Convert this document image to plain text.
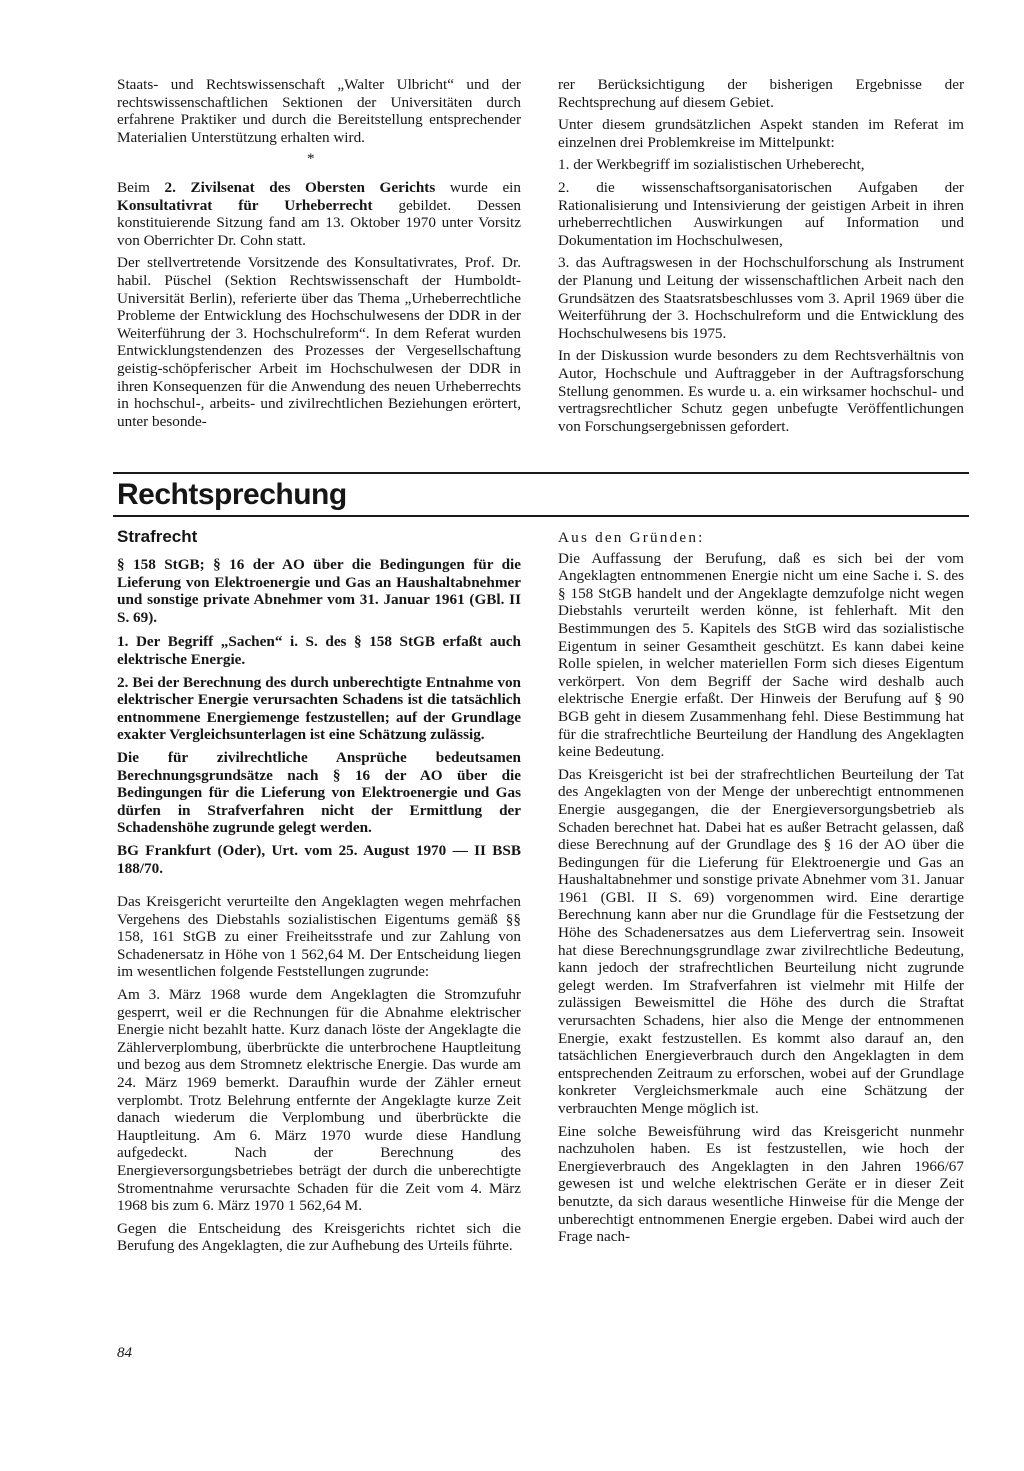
Staats- und Rechtswissenschaft „Walter Ulbricht“ und der rechtswissenschaftlichen Sektionen der Universitäten durch erfahrene Praktiker und durch die Bereitstellung entsprechender Materialien Unterstützung erhalten wird.

*

Beim 2. Zivilsenat des Obersten Gerichts wurde ein Konsultativrat für Urheberrecht gebildet. Dessen konstituierende Sitzung fand am 13. Oktober 1970 unter Vorsitz von Oberrichter Dr. Cohn statt.

Der stellvertretende Vorsitzende des Konsultativrates, Prof. Dr. habil. Püschel (Sektion Rechtswissenschaft der Humboldt-Universität Berlin), referierte über das Thema „Urheberrechtliche Probleme der Entwicklung des Hochschulwesens der DDR in der Weiterführung der 3. Hochschulreform“. In dem Referat wurden Entwicklungstendenzen des Prozesses der Vergesellschaftung geistig-schöpferischer Arbeit im Hochschulwesen der DDR in ihren Konsequenzen für die Anwendung des neuen Urheberrechts in hochschul-, arbeits- und zivilrechtlichen Beziehungen erörtert, unter besonde-

rer Berücksichtigung der bisherigen Ergebnisse der Rechtsprechung auf diesem Gebiet.

Unter diesem grundsätzlichen Aspekt standen im Referat im einzelnen drei Problemkreise im Mittelpunkt:

1. der Werkbegriff im sozialistischen Urheberecht,

2. die wissenschaftsorganisatorischen Aufgaben der Rationalisierung und Intensivierung der geistigen Arbeit in ihren urheberrechtlichen Auswirkungen auf Information und Dokumentation im Hochschulwesen,

3. das Auftragswesen in der Hochschulforschung als Instrument der Planung und Leitung der wissenschaftlichen Arbeit nach den Grundsätzen des Staatsratsbeschlusses vom 3. April 1969 über die Weiterführung der 3. Hochschulreform und die Entwicklung des Hochschulwesens bis 1975.

In der Diskussion wurde besonders zu dem Rechtsverhältnis von Autor, Hochschule und Auftraggeber in der Auftragsforschung Stellung genommen. Es wurde u. a. ein wirksamer hochschul- und vertragsrechtlicher Schutz gegen unbefugte Veröffentlichungen von Forschungsergebnissen gefordert.

Rechtsprechung
Strafrecht

§ 158 StGB; § 16 der AO über die Bedingungen für die Lieferung von Elektroenergie und Gas an Haushaltabnehmer und sonstige private Abnehmer vom 31. Januar 1961 (GBl. II S. 69).

1. Der Begriff „Sachen“ i. S. des § 158 StGB erfaßt auch elektrische Energie.

2. Bei der Berechnung des durch unberechtigte Entnahme von elektrischer Energie verursachten Schadens ist die tatsächlich entnommene Energiemenge festzustellen; auf der Grundlage exakter Vergleichsunterlagen ist eine Schätzung zulässig.

Die für zivilrechtliche Ansprüche bedeutsamen Berechnungsgrundsätze nach § 16 der AO über die Bedingungen für die Lieferung von Elektroenergie und Gas dürfen in Strafverfahren nicht der Ermittlung der Schadenshöhe zugrunde gelegt werden.

BG Frankfurt (Oder), Urt. vom 25. August 1970 — II BSB 188/70.

Das Kreisgericht verurteilte den Angeklagten wegen mehrfachen Vergehens des Diebstahls sozialistischen Eigentums gemäß §§ 158, 161 StGB zu einer Freiheitsstrafe und zur Zahlung von Schadenersatz in Höhe von 1 562,64 M. Der Entscheidung liegen im wesentlichen folgende Feststellungen zugrunde:

Am 3. März 1968 wurde dem Angeklagten die Stromzufuhr gesperrt, weil er die Rechnungen für die Abnahme elektrischer Energie nicht bezahlt hatte. Kurz danach löste der Angeklagte die Zählerverplombung, überbrückte die unterbrochene Hauptleitung und bezog aus dem Stromnetz elektrische Energie. Das wurde am 24. März 1969 bemerkt. Daraufhin wurde der Zähler erneut verplombt. Trotz Belehrung entfernte der Angeklagte kurze Zeit danach wiederum die Verplombung und überbrückte die Hauptleitung. Am 6. März 1970 wurde diese Handlung aufgedeckt. Nach der Berechnung des Energieversorgungsbetriebes beträgt der durch die unberechtigte Stromentnahme verursachte Schaden für die Zeit vom 4. März 1968 bis zum 6. März 1970 1 562,64 M.

Gegen die Entscheidung des Kreisgerichts richtet sich die Berufung des Angeklagten, die zur Aufhebung des Urteils führte.

Aus den Gründen:

Die Auffassung der Berufung, daß es sich bei der vom Angeklagten entnommenen Energie nicht um eine Sache i. S. des § 158 StGB handelt und der Angeklagte demzufolge nicht wegen Diebstahls verurteilt werden könne, ist fehlerhaft. Mit den Bestimmungen des 5. Kapitels des StGB wird das sozialistische Eigentum in seiner Gesamtheit geschützt. Es kann dabei keine Rolle spielen, in welcher materiellen Form sich dieses Eigentum verkörpert. Von dem Begriff der Sache wird deshalb auch elektrische Energie erfaßt. Der Hinweis der Berufung auf § 90 BGB geht in diesem Zusammenhang fehl. Diese Bestimmung hat für die strafrechtliche Beurteilung der Handlung des Angeklagten keine Bedeutung.

Das Kreisgericht ist bei der strafrechtlichen Beurteilung der Tat des Angeklagten von der Menge der unberechtigt entnommenen Energie ausgegangen, die der Energieversorgungsbetrieb als Schaden berechnet hat. Dabei hat es außer Betracht gelassen, daß diese Berechnung auf der Grundlage des § 16 der AO über die Bedingungen für die Lieferung für Elektroenergie und Gas an Haushaltabnehmer und sonstige private Abnehmer vom 31. Januar 1961 (GBl. II S. 69) vorgenommen wird. Eine derartige Berechnung kann aber nur die Grundlage für die Festsetzung der Höhe des Schadenersatzes aus dem Liefervertrag sein. Insoweit hat diese Berechnungsgrundlage zwar zivilrechtliche Bedeutung, kann jedoch der strafrechtlichen Beurteilung nicht zugrunde gelegt werden. Im Strafverfahren ist vielmehr mit Hilfe der zulässigen Beweismittel die Höhe des durch die Straftat verursachten Schadens, hier also die Menge der entnommenen Energie, exakt festzustellen. Es kommt also darauf an, den tatsächlichen Energieverbrauch durch den Angeklagten in dem entsprechenden Zeitraum zu erforschen, wobei auf der Grundlage konkreter Vergleichsmerkmale auch eine Schätzung der verbrauchten Menge möglich ist.

Eine solche Beweisführung wird das Kreisgericht nunmehr nachzuholen haben. Es ist festzustellen, wie hoch der Energieverbrauch des Angeklagten in den Jahren 1966/67 gewesen ist und welche elektrischen Geräte er in dieser Zeit benutzte, da sich daraus wesentliche Hinweise für die Menge der unberechtigt entnommenen Energie ergeben. Dabei wird auch der Frage nach-

84
